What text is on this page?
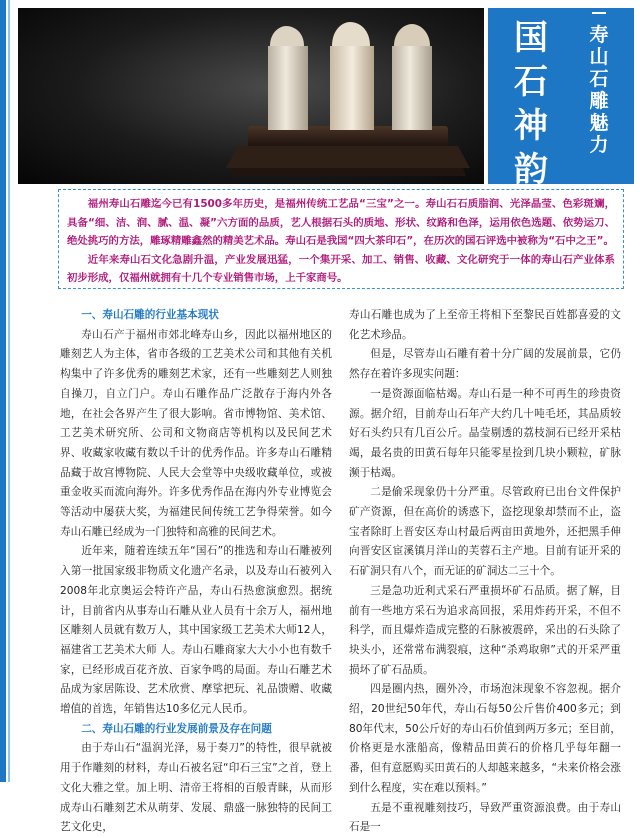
国
石
神
韵
寿
山
石
雕
魅
力

福州寿山石雕迄今已有1500多年历史，是福州传统工艺品“三宝”之一。寿山石石质脂润、光泽晶莹、色彩斑斓，具备“细、洁、润、腻、温、凝”六方面的品质，艺人根据石头的质地、形状、纹路和色泽，运用依色选题、依势运刀、绝处挑巧的方法，雕琢精雕鑫然的精美艺术品。寿山石是我国“四大茶印石”，在历次的国石评选中被称为“石中之王”。

近年来寿山石文化急剧升温，产业发展迅猛，一个集开采、加工、销售、收藏、文化研究于一体的寿山石产业体系初步形成，仅福州就拥有十几个专业销售市场，上千家商号。

一、寿山石雕的行业基本现状

寿山石产于福州市郊北峰寿山乡，因此以福州地区的雕刻艺人为主体，省市各级的工艺美术公司和其他有关机构集中了许多优秀的雕刻艺术家，还有一些雕刻艺人则独自操刀，自立门户。寿山石雕作品广泛散存于海内外各地，在社会各界产生了很大影响。省市博物馆、美术馆、工艺美术研究所、公司和文物商店等机构以及民间艺术界、收藏家收藏有数以千计的优秀作品。许多寿山石雕精品藏于故宫博物院、人民大会堂等中央级收藏单位，或被重金收买而流向海外。许多优秀作品在海内外专业博览会等活动中屡获大奖，为福建民间传统工艺争得荣誉。如今寿山石雕已经成为一门独特和高雅的民间艺术。

近年来，随着连续五年“国石”的推选和寿山石雕被列入第一批国家级非物质文化遗产名录，以及寿山石被列入2008年北京奥运会特许产品，寿山石热愈演愈烈。据统计，目前省内从事寿山石雕从业人员有十余万人，福州地区雕刻人员就有数万人，其中国家级工艺美术大师12人，福建省工艺美术大师 人。寿山石雕商家大大小小也有数千家，已经形成百花齐放、百家争鸣的局面。寿山石雕艺术品成为家居陈设、艺术欣赏、摩挲把玩、礼品馈赠、收藏增值的首选，年销售达10多亿元人民币。

二、寿山石雕的行业发展前景及存在问题

由于寿山石“温润光泽，易于奏刀”的特性，很早就被用于作雕刻的材料，寿山石被名冠“印石三宝”之首，登上文化大雅之堂。加上明、清帝王将相的百般青睐，从而形成寿山石雕刻艺术从萌芽、发展、鼎盛一脉独特的民间工艺文化史，

寿山石雕也成为了上至帝王将相下至黎民百姓都喜爱的文化艺术珍品。

但是，尽管寿山石雕有着十分广阔的发展前景，它仍然存在着许多现实问题：

一是资源面临枯竭。寿山石是一种不可再生的珍贵资源。据介绍，目前寿山石年产大约几十吨毛坯，其品质较好石头约只有几百公斤。晶莹剔透的荔枝洞石已经开采枯竭，最名贵的田黄石每年只能零星捡到几块小颗粒，矿脉濒于枯竭。

二是偷采现象仍十分严重。尽管政府已出台文件保护矿产资源，但在高价的诱惑下，盗挖现象却禁而不止，盗宝者除盯上晋安区寿山村最后两亩田黄地外，还把黑手伸向晋安区宦溪镇月洋山的芙蓉石主产地。目前有证开采的石矿洞只有八个，而无证的矿洞达二三十个。

三是急功近利式采石严重损坏矿石品质。据了解，目前有一些地方采石为追求高回报，采用炸药开采，不但不科学，而且爆炸造成完整的石脉被震碎，采出的石头除了块头小，还常常布满裂痕，这种“杀鸡取卵”式的开采严重损坏了矿石品质。

四是圈内热，圈外冷，市场泡沫现象不容忽视。据介绍，20世纪50年代，寿山石每50公斤售价400多元；到80年代末，50公斤好的寿山石价值到两万多元；至目前，价格更是水涨船高，像精品田黄石的价格几乎每年翻一番，但有意愿购买田黄石的人却越来越多，“未来价格会涨到什么程度，实在难以预料。”

五是不重视雕刻技巧，导致严重资源浪费。由于寿山石是一
